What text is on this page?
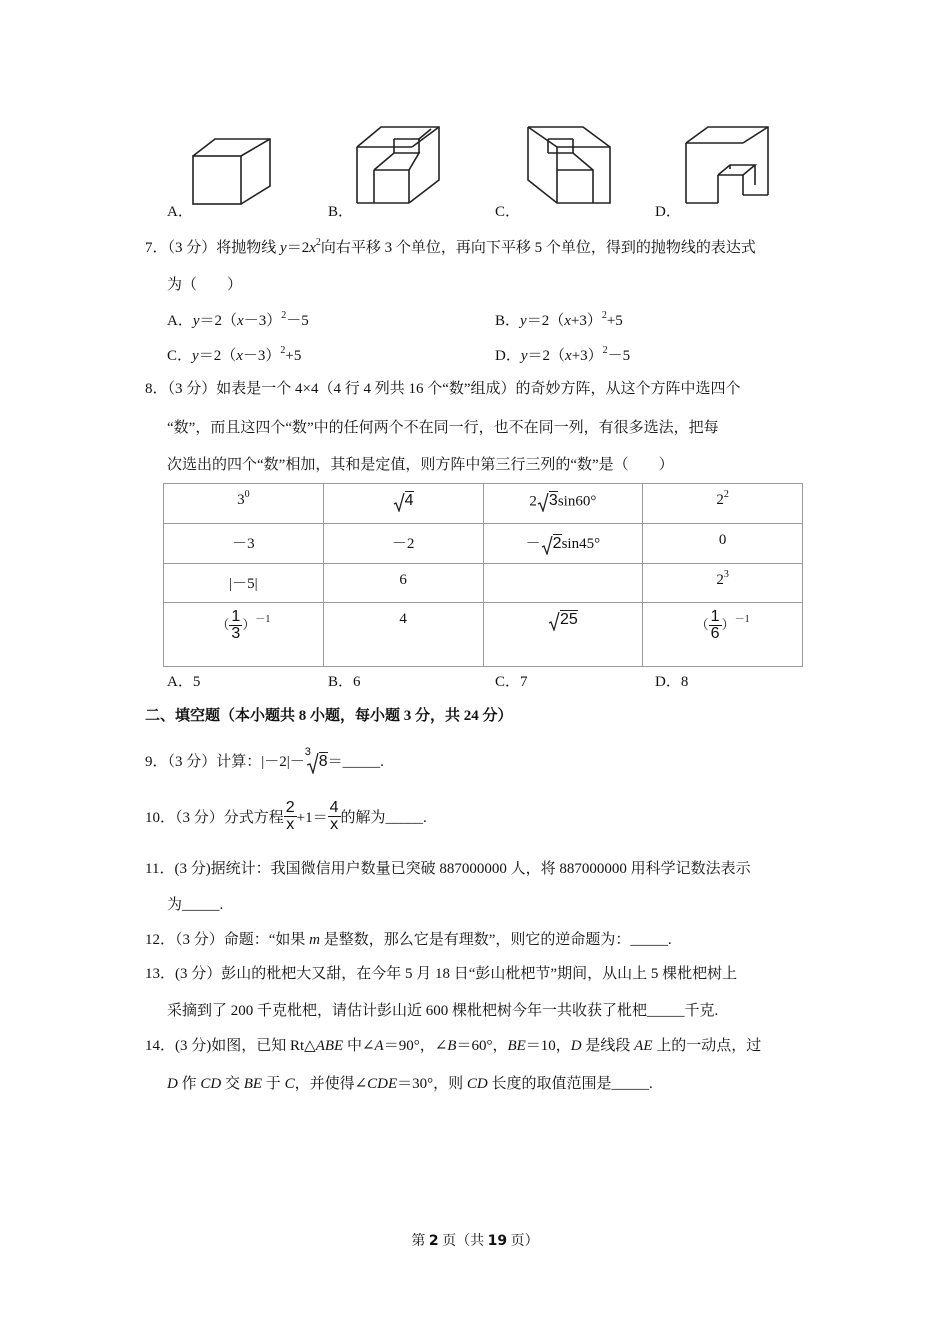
A．	B．	C．	D．
7．（3 分）将抛物线 $y=2x^2$向右平移 3 个单位，再向下平移 5 个单位，得到的抛物线的表达式
为（　　）
A．$y=2(x-3)^2-5$	B．$y=2(x+3)^2+5$
C．$y=2(x-3)^2+5$	D．$y=2(x+3)^2-5$
8．（3 分）如表是一个 4×4（4 行 4 列共 16 个“数”组成）的奇妙方阵，从这个方阵中选四个
“数”，而且这四个“数”中的任何两个不在同一行，也不在同一列，有很多选法，把每
次选出的四个“数”相加，其和是定值，则方阵中第三行三列的“数”是（　　）
$3^0$	4	2 3sin60°	$2^2$

－3	－2	－ 2sin45°	0

|－5|	6		$2^3$

（ $\frac{1}{3} )^{-1}$	4	25	（ $\frac{1}{6} )^{-1}$
A．5	B．6	C．7	D．8
二、填空题（本小题共 8 小题，每小题 3 分，共 24 分）
9．（3 分）计算：|－2|－
3
8＝_____.
10．（3 分）分式方程 $\frac{2}{x} +1= \frac{4}{x}$ 的解为_____.
11．(3 分)据统计：我国微信用户数量已突破 887000000 人，将 887000000 用科学记数法表示
为_____.
12．（3 分）命题：“如果 m 是整数，那么它是有理数”，则它的逆命题为：_____.
13．(3 分）彭山的枇杷大又甜，在今年 5 月 18 日“彭山枇杷节”期间，从山上 5 棵枇杷树上
采摘到了 200 千克枇杷，请估计彭山近 600 棵枇杷树今年一共收获了枇杷_____千克.
14．(3 分)如图，已知 Rt△ABE 中∠A＝90°，∠B＝60°，BE＝10，D 是线段 AE 上的一动点，过
D 作 CD 交 BE 于 C，并使得∠CDE＝30°，则 CD 长度的取值范围是_____.
第 2 页（共 19 页）
